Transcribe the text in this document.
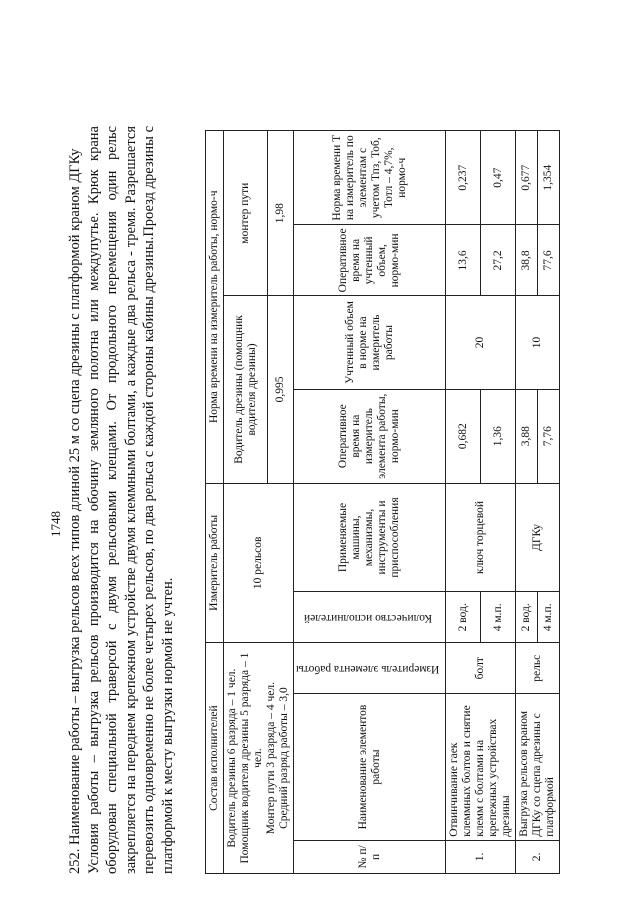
1748 252. Наименование работы – выгрузка рельсов всех типов длиной 25 м со сцепа дрезины с платформой краном ДГКу Условия работы – выгрузка рельсов производится на обочину земляного полотна или междупутье. Крюк крана оборудован специальной траверсой с двумя рельсовыми клещами. От продольного перемещения один рельс закрепляется на переднем крепежном устройстве двумя клеммными болтами, а каждые два рельса - тремя. Разрешается перевозить одновременно не более четырех рельсов, по два рельса с каждой стороны кабины дрезины.Проезд дрезины с платформой к месту выгрузки нормой не учтен.	Состав исполнителей			Измеритель работы		Норма времени на измеритель работы, нормо-ч			

Водитель дрезины 6 разряда – 1 чел. Помощник водителя дрезины 5 разряда – 1 чел. Монтер пути 3 разряда – 4 чел. Средний разряд работы – 3,0			10 рельсов		Водитель дрезины (помощник водителя дрезины)		монтер пути	
					0,995		1,98	
№ п/п	Наименование элементов работы	Измеритель элемента работы	Количество исполнителей	Применяемые машины, механизмы, инструменты и приспособления	Оперативное время на измеритель элемента работы, нормо-мин	Учтенный объем в норме на измеритель работы	Оперативное время на учтенный объем, нормо-мин	Норма времени Т на измеритель по элементам с учетом Тпз, Тоб, Тотл – 4,7%, нормо-ч
1.	Отвинчивание гаек клеммных болтов и снятие клемм с болтами на крепежных устройствах дрезины	болт	2 вод.	ключ торцевой	0,682	20	13,6	0,237
			4 м.п.		1,36		27,2	0,47
2.	Выгрузка рельсов краном ДГКу со сцепа дрезины с платформой	рельс	2 вод.	ДГКу	3,88	10	38,8	0,677
			4 м.п.		7,76		77,6	1,354
